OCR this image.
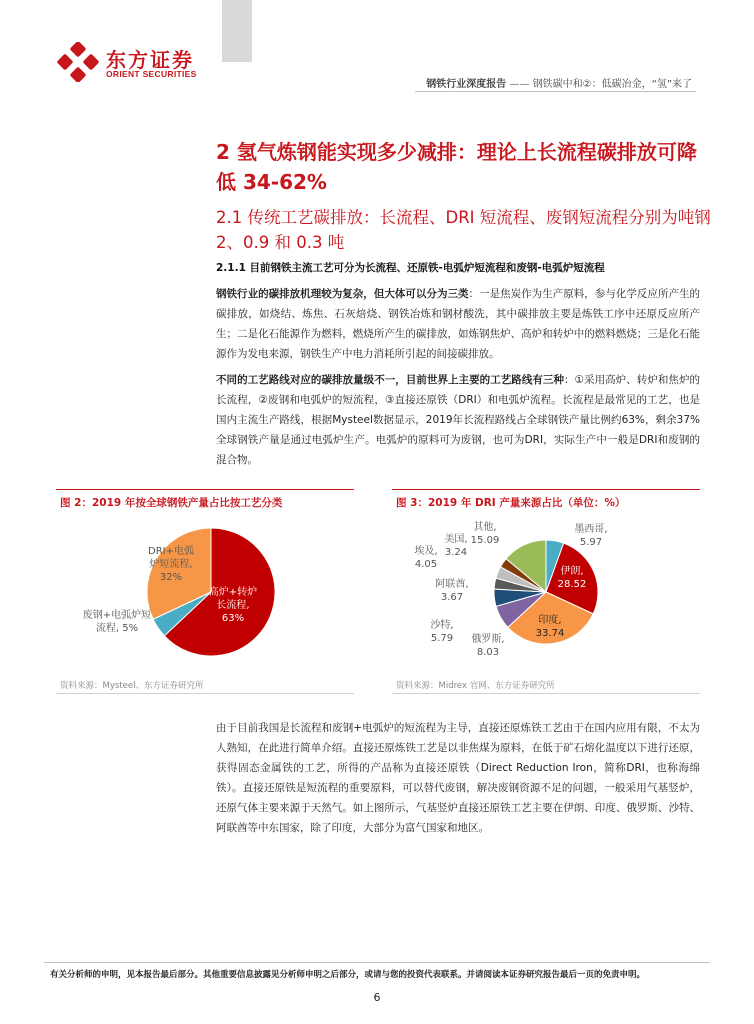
东方证券
ORIENT SECURITIES
钢铁行业深度报告 —— 钢铁碳中和②：低碳冶金，“氢”来了
2 氢气炼钢能实现多少减排：理论上长流程碳排放可降低 34-62%
2.1 传统工艺碳排放：长流程、DRI 短流程、废钢短流程分别为吨钢 2、0.9 和 0.3 吨
2.1.1 目前钢铁主流工艺可分为长流程、还原铁-电弧炉短流程和废钢-电弧炉短流程
钢铁行业的碳排放机理较为复杂，但大体可以分为三类：一是焦炭作为生产原料，参与化学反应所产生的碳排放，如烧结、炼焦、石灰焙烧、钢铁冶炼和钢材酸洗，其中碳排放主要是炼铁工序中还原反应所产生；二是化石能源作为燃料，燃烧所产生的碳排放，如炼钢焦炉、高炉和转炉中的燃料燃烧；三是化石能源作为发电来源，钢铁生产中电力消耗所引起的间接碳排放。
不同的工艺路线对应的碳排放量级不一，目前世界上主要的工艺路线有三种：①采用高炉、转炉和焦炉的长流程，②废钢和电弧炉的短流程，③直接还原铁（DRI）和电弧炉流程。长流程是最常见的工艺，也是国内主流生产路线，根据Mysteel数据显示，2019年长流程路线占全球钢铁产量比例约63%，剩余37%全球钢铁产量是通过电弧炉生产。电弧炉的原料可为废钢，也可为DRI，实际生产中一般是DRI和废钢的混合物。
图 2：2019 年按全球钢铁产量占比按工艺分类
DRI+电弧
炉短流程,
32%
废钢+电弧炉短
流程, 5%
高炉+转炉
长流程,
63%
资料来源：Mysteel、东方证券研究所
图 3：2019 年 DRI 产量来源占比（单位：%）
其他,
15.09
美国,
3.24
埃及,
4.05
阿联酋,
3.67
沙特,
5.79	俄罗斯,
8.03
印度,
33.74
伊朗,
28.52
墨西哥,
5.97
资料来源：Midrex 官网、东方证券研究所
由于目前我国是长流程和废钢+电弧炉的短流程为主导，直接还原炼铁工艺由于在国内应用有限，不太为人熟知，在此进行简单介绍。直接还原炼铁工艺是以非焦煤为原料，在低于矿石熔化温度以下进行还原，获得固态金属铁的工艺，所得的产品称为直接还原铁（Direct Reduction Iron，简称DRI，也称海绵铁）。直接还原铁是短流程的重要原料，可以替代废钢，解决废钢资源不足的问题，一般采用气基竖炉，还原气体主要来源于天然气。如上图所示，气基竖炉直接还原铁工艺主要在伊朗、印度、俄罗斯、沙特、阿联酋等中东国家，除了印度，大部分为富气国家和地区。
有关分析师的申明，见本报告最后部分。其他重要信息披露见分析师申明之后部分，或请与您的投资代表联系。并请阅读本证券研究报告最后一页的免责申明。
6
